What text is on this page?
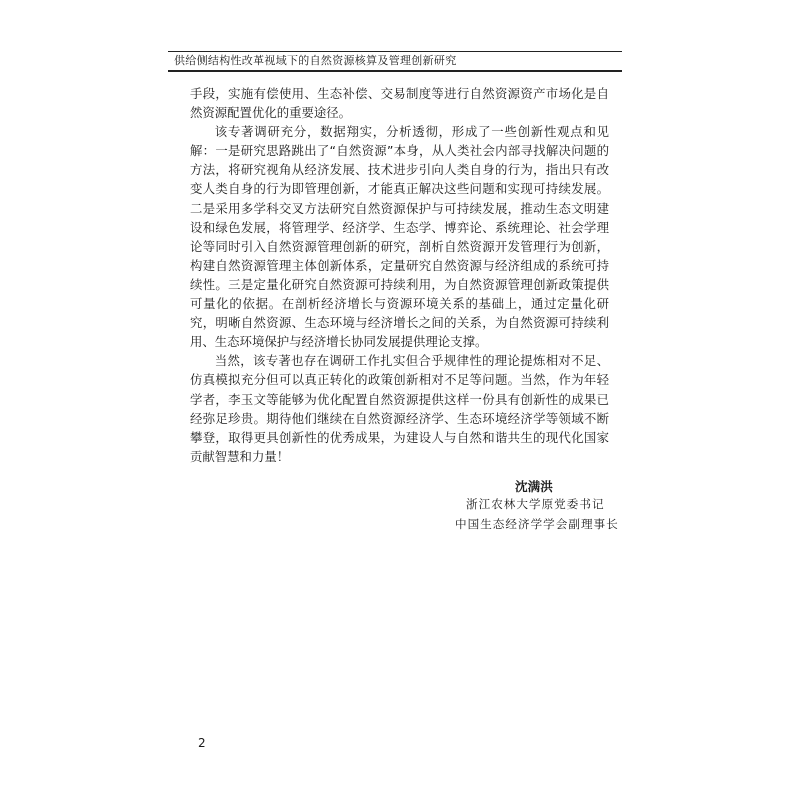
供给侧结构性改革视域下的自然资源核算及管理创新研究

手段，实施有偿使用、生态补偿、交易制度等进行自然资源资产市场化是自然资源配置优化的重要途径。

该专著调研充分，数据翔实，分析透彻，形成了一些创新性观点和见解：一是研究思路跳出了“自然资源”本身，从人类社会内部寻找解决问题的方法，将研究视角从经济发展、技术进步引向人类自身的行为，指出只有改变人类自身的行为即管理创新，才能真正解决这些问题和实现可持续发展。二是采用多学科交叉方法研究自然资源保护与可持续发展，推动生态文明建设和绿色发展，将管理学、经济学、生态学、博弈论、系统理论、社会学理论等同时引入自然资源管理创新的研究，剖析自然资源开发管理行为创新，构建自然资源管理主体创新体系，定量研究自然资源与经济组成的系统可持续性。三是定量化研究自然资源可持续利用，为自然资源管理创新政策提供可量化的依据。在剖析经济增长与资源环境关系的基础上，通过定量化研究，明晰自然资源、生态环境与经济增长之间的关系，为自然资源可持续利用、生态环境保护与经济增长协同发展提供理论支撑。

当然，该专著也存在调研工作扎实但合乎规律性的理论提炼相对不足、仿真模拟充分但可以真正转化的政策创新相对不足等问题。当然，作为年轻学者，李玉文等能够为优化配置自然资源提供这样一份具有创新性的成果已经弥足珍贵。期待他们继续在自然资源经济学、生态环境经济学等领域不断攀登，取得更具创新性的优秀成果，为建设人与自然和谐共生的现代化国家贡献智慧和力量！

沈满洪
浙江农林大学原党委书记
中国生态经济学学会副理事长
2
